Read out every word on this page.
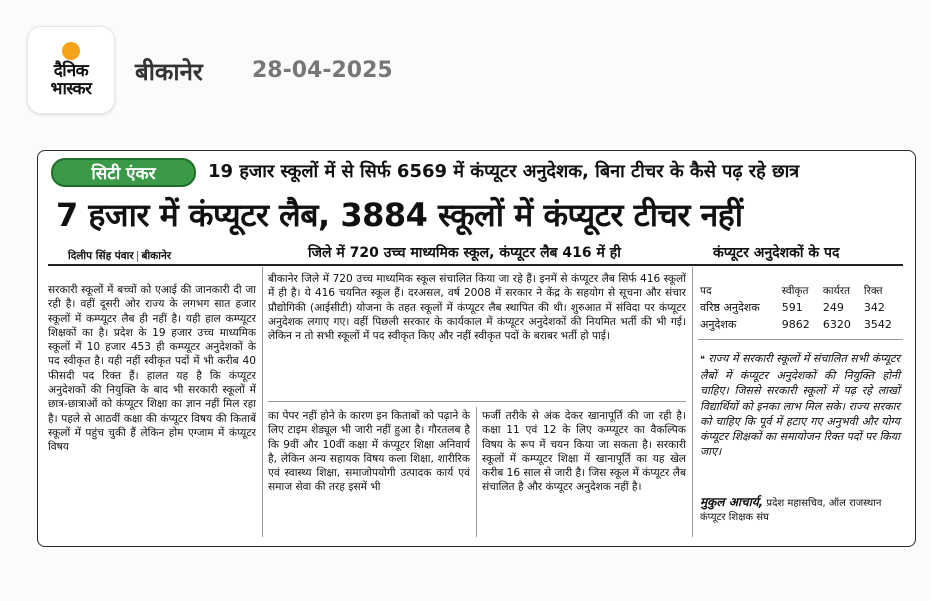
दैनिक
भास्कर
बीकानेर 28-04-2025
सिटी एंकर	19 हजार स्कूलों में से सिर्फ 6569 में कंप्यूटर अनुदेशक, बिना टीचर के कैसे पढ़ रहे छात्र
7 हजार में कंप्यूटर लैब, 3884 स्कूलों में कंप्यूटर टीचर नहीं
दिलीप सिंह पंवार | बीकानेर	जिले में 720 उच्च माध्यमिक स्कूल, कंप्यूटर लैब 416 में ही	कंप्यूटर अनुदेशकों के पद
सरकारी स्कूलों में बच्चों को एआई की जानकारी दी जा रही है। वहीं दूसरी ओर राज्य के लगभग सात हजार स्कूलों में कम्प्यूटर लैब ही नहीं है। यही हाल कम्प्यूटर शिक्षकों का है। प्रदेश के 19 हजार उच्च माध्यमिक स्कूलों में 10 हजार 453 ही कम्प्यूटर अनुदेशकों के पद स्वीकृत है। यही नहीं स्वीकृत पदों में भी करीब 40 फीसदी पद रिक्त हैं। हालत यह है कि कंप्यूटर अनुदेशकों की नियुक्ति के बाद भी सरकारी स्कूलों में छात्र-छात्राओं को कंप्यूटर शिक्षा का ज्ञान नहीं मिल रहा है। पहले से आठवीं कक्षा की कंप्यूटर विषय की किताबें स्कूलों में पहुंच चुकी हैं लेकिन होम एग्जाम में कंप्यूटर विषय
बीकानेर जिले में 720 उच्च माध्यमिक स्कूल संचालित किया जा रहे हैं। इनमें से कंप्यूटर लैब सिर्फ 416 स्कूलों में ही है। ये 416 चयनित स्कूल हैं। दरअसल, वर्ष 2008 में सरकार ने केंद्र के सहयोग से सूचना और संचार प्रौद्योगिकी (आईसीटी) योजना के तहत स्कूलों में कंप्यूटर लैब स्थापित की थी। शुरुआत में संविदा पर कंप्यूटर अनुदेशक लगाए गए। वहीं पिछली सरकार के कार्यकाल में कंप्यूटर अनुदेशकों की नियमित भर्ती की भी गई। लेकिन न तो सभी स्कूलों में पद स्वीकृत किए और नहीं स्वीकृत पदों के बराबर भर्ती हो पाई।
का पेपर नहीं होने के कारण इन किताबों को पढ़ाने के लिए टाइम शेड्यूल भी जारी नहीं हुआ है। गौरतलब है कि 9वीं और 10वीं कक्षा में कंप्यूटर शिक्षा अनिवार्य है, लेकिन अन्य सहायक विषय कला शिक्षा, शारीरिक एवं स्वास्थ्य शिक्षा, समाजोपयोगी उत्पादक कार्य एवं समाज सेवा की तरह इसमें भी
फर्जी तरीके से अंक देकर खानापूर्ति की जा रही है। कक्षा 11 एवं 12 के लिए कम्प्यूटर का वैकल्पिक विषय के रूप में चयन किया जा सकता है। सरकारी स्कूलों में कम्प्यूटर शिक्षा में खानापूर्ति का यह खेल करीब 16 साल से जारी है। जिस स्कूल में कंप्यूटर लैब संचालित है और कंप्यूटर अनुदेशक नहीं है।
पद	स्वीकृत	कार्यरत	रिक्त
वरिष्ठ अनुदेशक	591	249	342
अनुदेशक	9862	6320	3542
❝ राज्य में सरकारी स्कूलों में संचालित सभी कंप्यूटर लैबों में कंप्यूटर अनुदेशकों की नियुक्ति होनी चाहिए। जिससे सरकारी स्कूलों में पढ़ रहे लाखों विद्यार्थियों को इनका लाभ मिल सके। राज्य सरकार को चाहिए कि पूर्व में हटाए गए अनुभवी और योग्य कंप्यूटर शिक्षकों का समायोजन रिक्त पदों पर किया जाए।
मुकुल आचार्य, प्रदेश महासचिव, ऑल राजस्थान कंप्यूटर शिक्षक संघ
